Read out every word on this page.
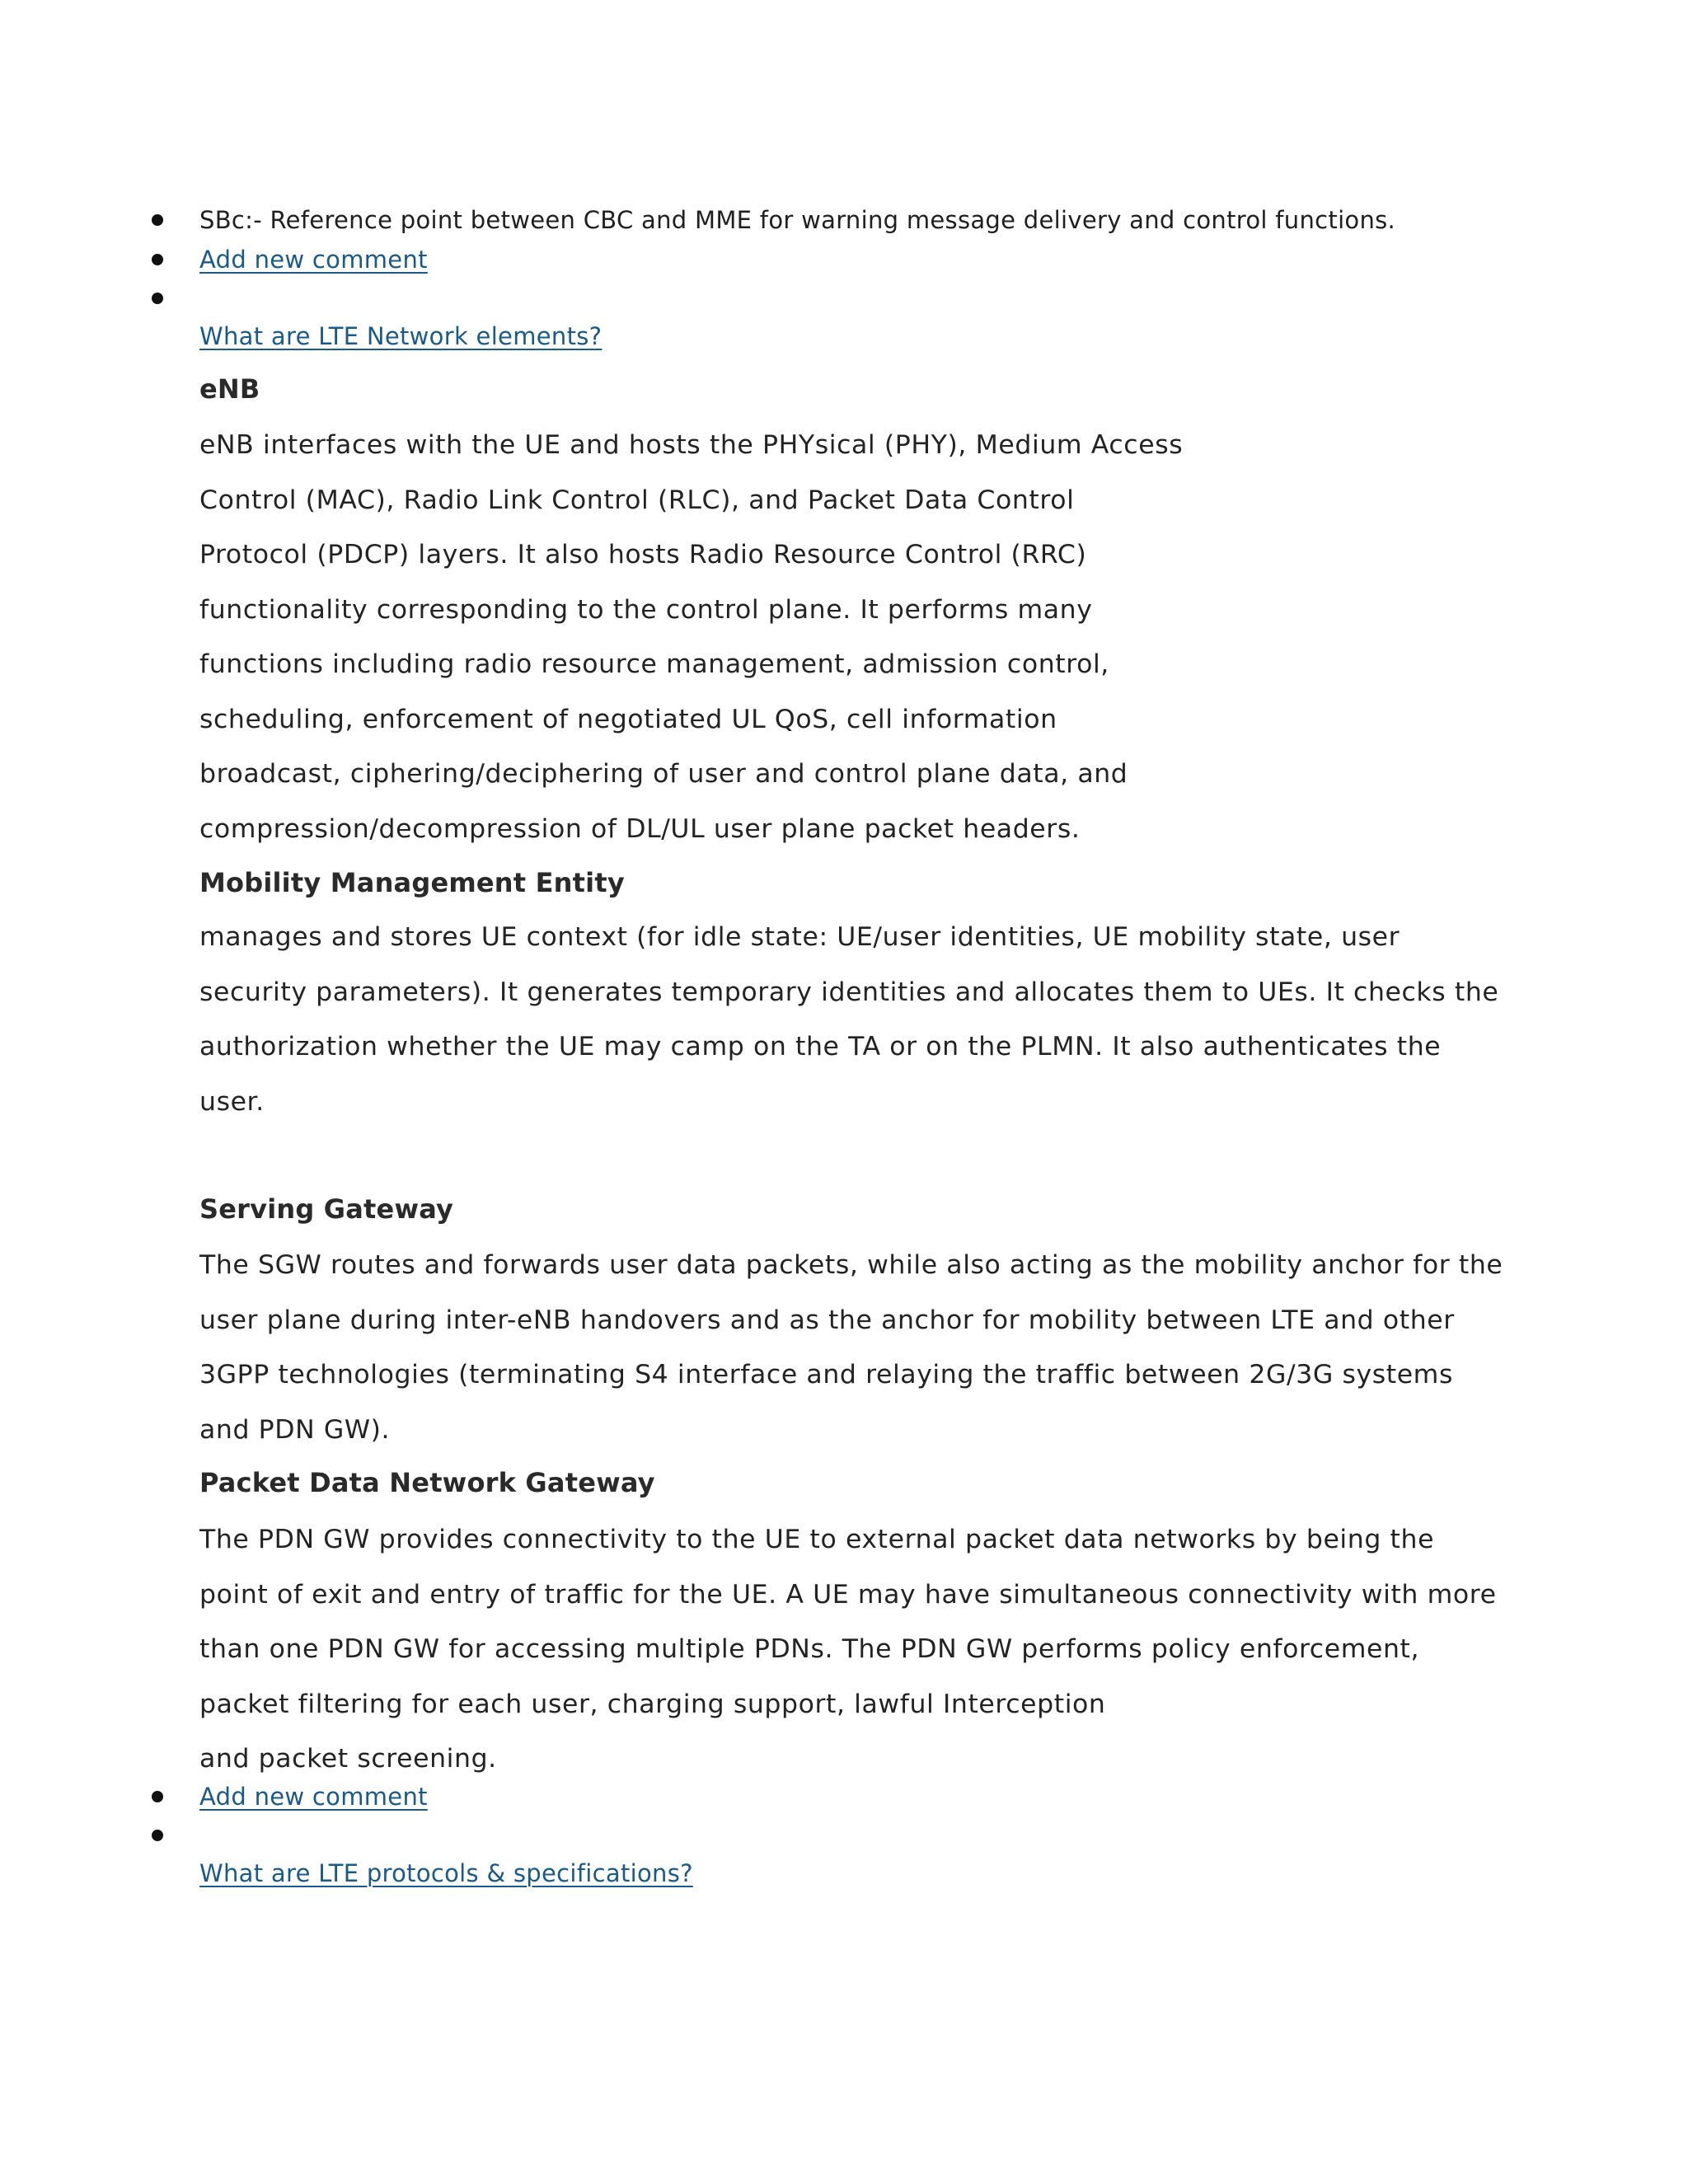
SBc:- Reference point between CBC and MME for warning message delivery and control functions.
Add new comment
What are LTE Network elements?
eNB
eNB interfaces with the UE and hosts the PHYsical (PHY), Medium Access
Control (MAC), Radio Link Control (RLC), and Packet Data Control
Protocol (PDCP) layers. It also hosts Radio Resource Control (RRC)
functionality corresponding to the control plane. It performs many
functions including radio resource management, admission control,
scheduling, enforcement of negotiated UL QoS, cell information
broadcast, ciphering/deciphering of user and control plane data, and
compression/decompression of DL/UL user plane packet headers.
Mobility Management Entity
manages and stores UE context (for idle state: UE/user identities, UE mobility state, user
security parameters). It generates temporary identities and allocates them to UEs. It checks the
authorization whether the UE may camp on the TA or on the PLMN. It also authenticates the
user.
Serving Gateway
The SGW routes and forwards user data packets, while also acting as the mobility anchor for the
user plane during inter-eNB handovers and as the anchor for mobility between LTE and other
3GPP technologies (terminating S4 interface and relaying the traffic between 2G/3G systems
and PDN GW).
Packet Data Network Gateway
The PDN GW provides connectivity to the UE to external packet data networks by being the
point of exit and entry of traffic for the UE. A UE may have simultaneous connectivity with more
than one PDN GW for accessing multiple PDNs. The PDN GW performs policy enforcement,
packet filtering for each user, charging support, lawful Interception
and packet screening.
Add new comment
What are LTE protocols & specifications?
